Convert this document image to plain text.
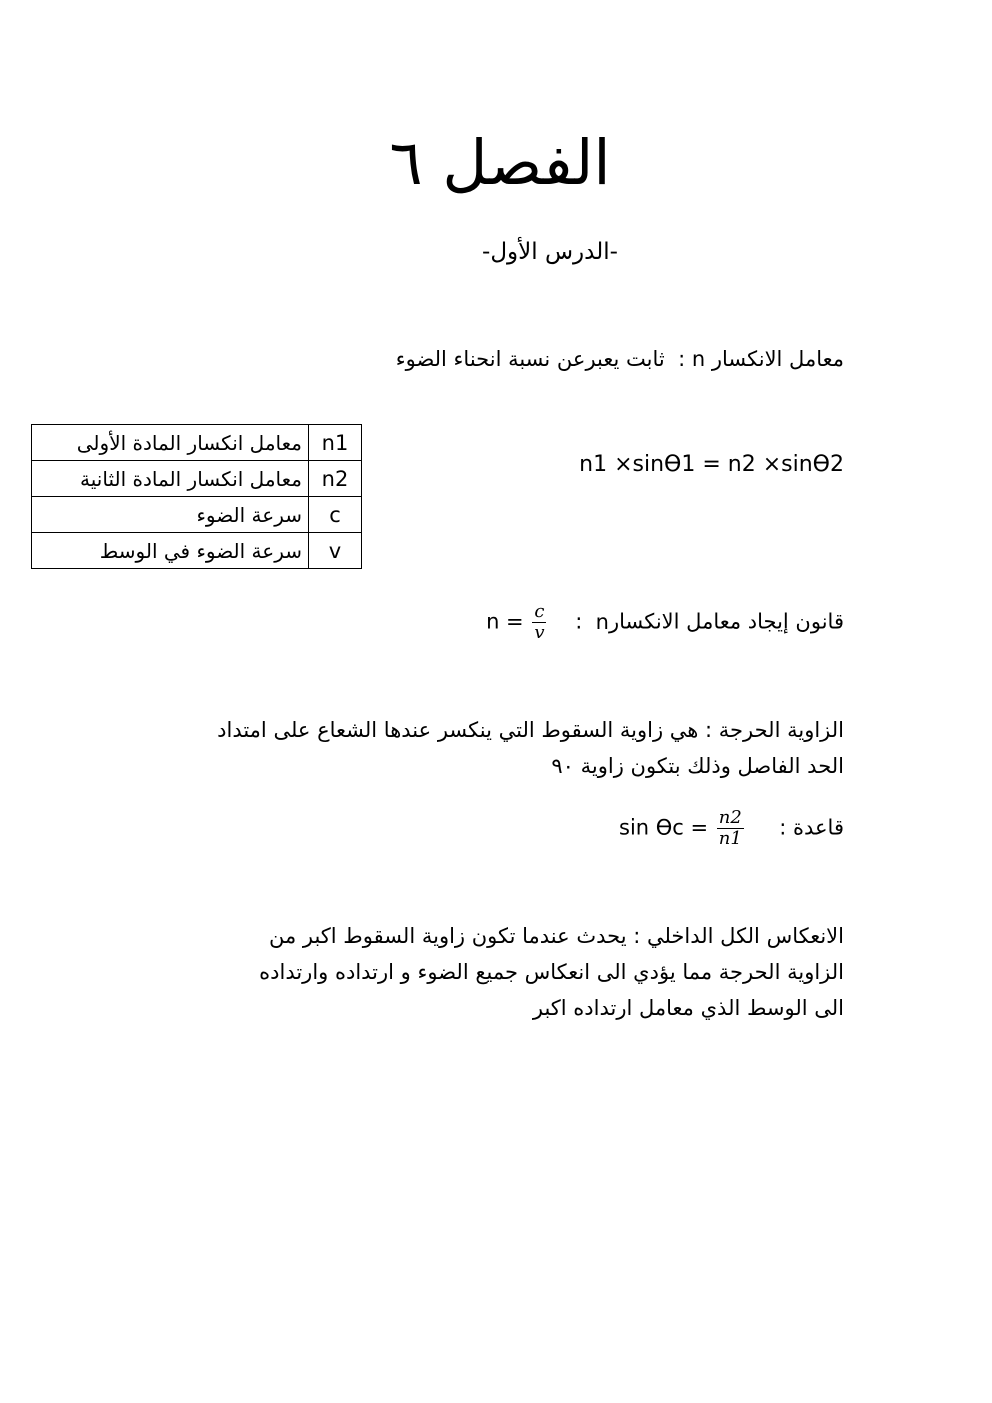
الفصل ٦
-الدرس الأول-
معامل الانكسار n :  ثابت يعبرعن نسبة انحناء الضوء
n1	معامل انكسار المادة الأولى
n2	معامل انكسار المادة الثانية
c	سرعة الضوء
v	سرعة الضوء في الوسط
n1 ×sinϴ1 = n2 ×sinϴ2
قانون إيجاد معامل الانكسارn  :    $n = \frac{c}{v}$
الزاوية الحرجة : هي زاوية السقوط التي ينكسر عندها الشعاع على امتداد
الحد الفاصل وذلك بتكون زاوية ٩٠
قاعدة :     $\sin ϴc = \frac{n2}{n1}$
الانعكاس الكل الداخلي : يحدث عندما تكون زاوية السقوط اكبر من
الزاوية الحرجة مما يؤدي الى انعكاس جميع الضوء و ارتداده وارتداده
الى الوسط الذي معامل ارتداده اكبر
